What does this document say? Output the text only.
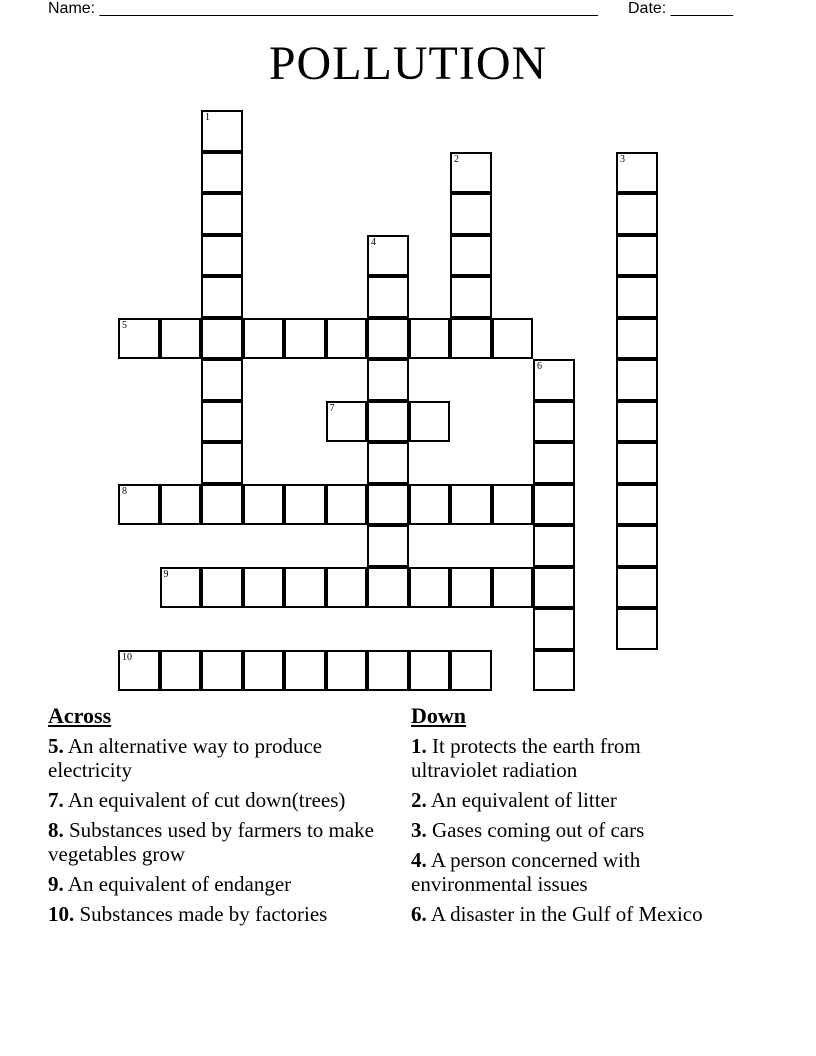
Name: ________________________________________________________ Date: _______
POLLUTION
1
2	3
4
5
6
7
8
9
10
Across
5. An alternative way to produce electricity
7. An equivalent of cut down(trees)
8. Substances used by farmers to make vegetables grow
9. An equivalent of endanger
10. Substances made by factories
Down
1. It protects the earth from ultraviolet radiation
2. An equivalent of litter
3. Gases coming out of cars
4. A person concerned with environmental issues
6. A disaster in the Gulf of Mexico
